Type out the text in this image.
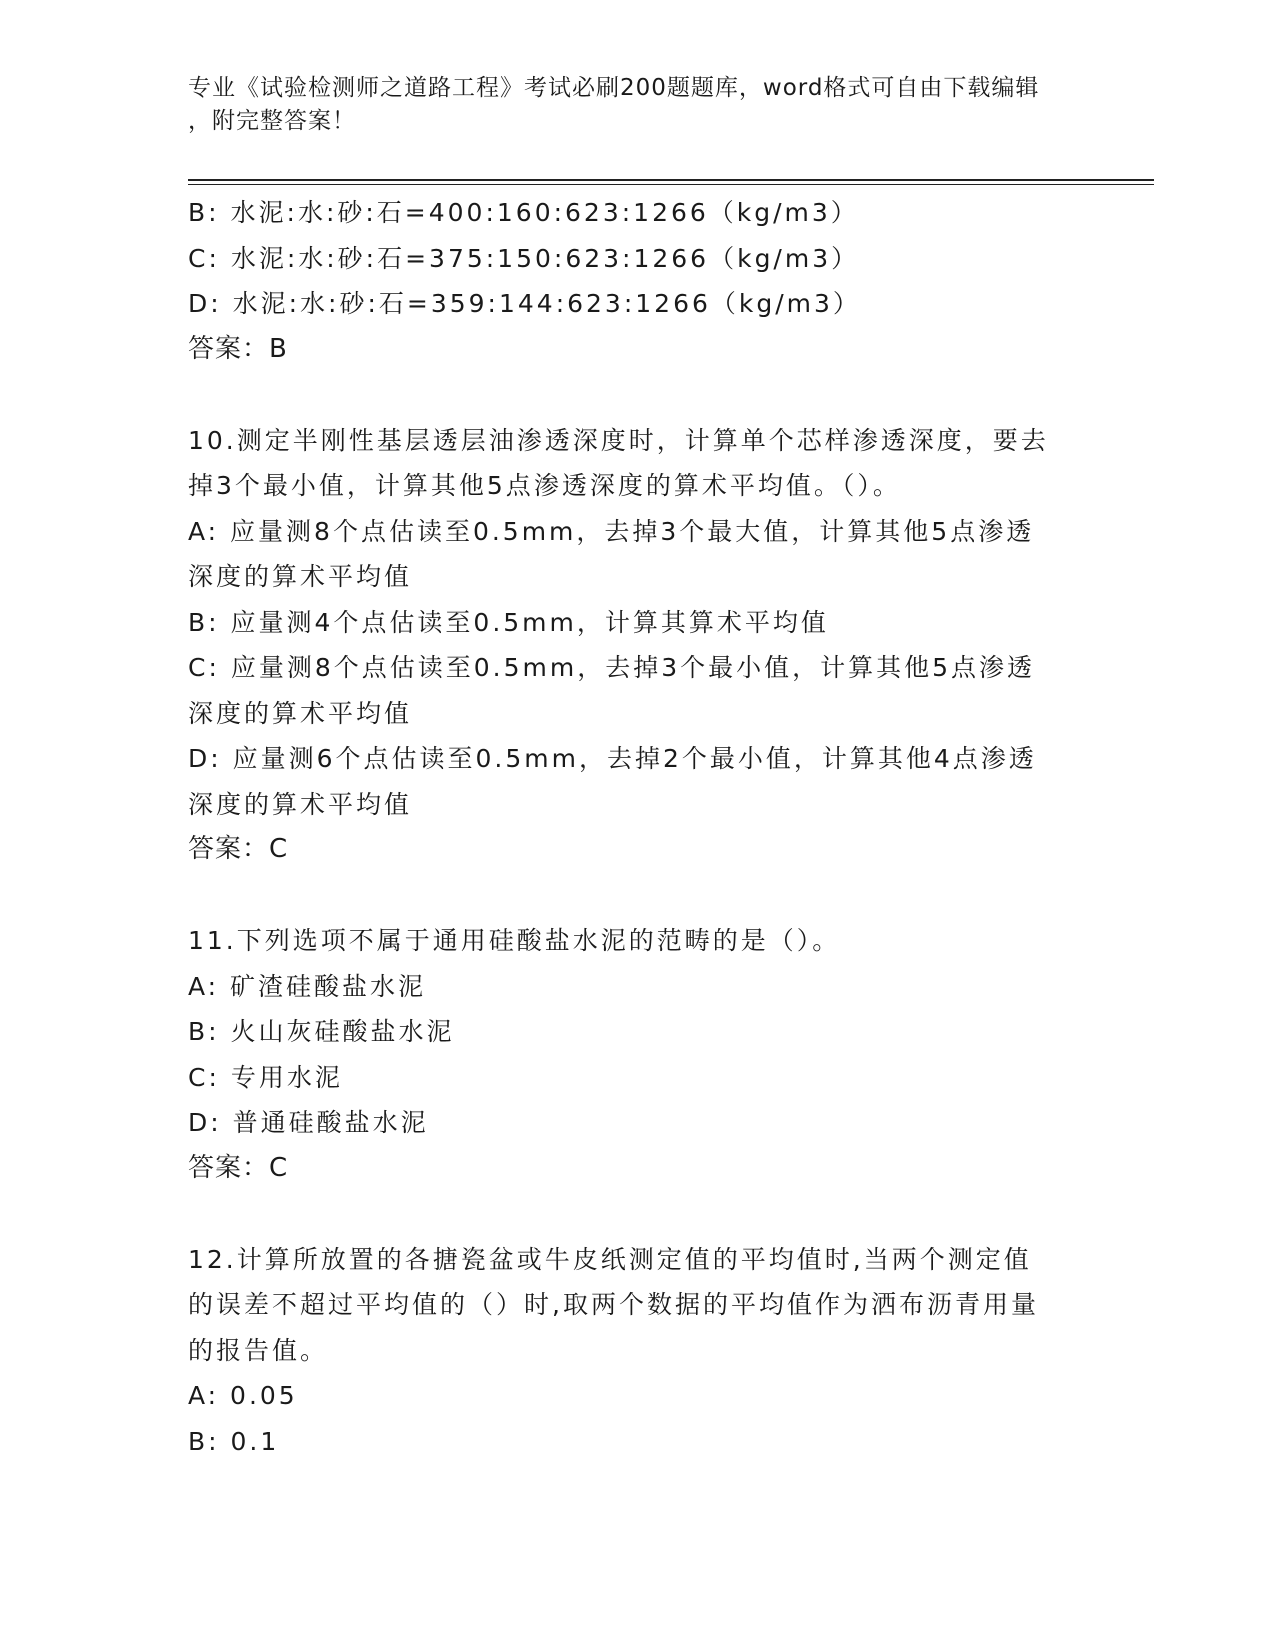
专业《试验检测师之道路工程》考试必刷200题题库，word格式可自由下载编辑
，附完整答案！
B: 水泥:水:砂:石=400:160:623:1266（kg/m3）
C: 水泥:水:砂:石=375:150:623:1266（kg/m3）
D: 水泥:水:砂:石=359:144:623:1266（kg/m3）
答案：B
10.测定半刚性基层透层油渗透深度时，计算单个芯样渗透深度，要去
掉3个最小值，计算其他5点渗透深度的算术平均值。（）。
A: 应量测8个点估读至0.5mm，去掉3个最大值，计算其他5点渗透
深度的算术平均值
B: 应量测4个点估读至0.5mm，计算其算术平均值
C: 应量测8个点估读至0.5mm，去掉3个最小值，计算其他5点渗透
深度的算术平均值
D: 应量测6个点估读至0.5mm，去掉2个最小值，计算其他4点渗透
深度的算术平均值
答案：C
11.下列选项不属于通用硅酸盐水泥的范畴的是（）。
A: 矿渣硅酸盐水泥
B: 火山灰硅酸盐水泥
C: 专用水泥
D: 普通硅酸盐水泥
答案：C
12.计算所放置的各搪瓷盆或牛皮纸测定值的平均值时,当两个测定值
的误差不超过平均值的（）时,取两个数据的平均值作为洒布沥青用量
的报告值。
A: 0.05
B: 0.1
